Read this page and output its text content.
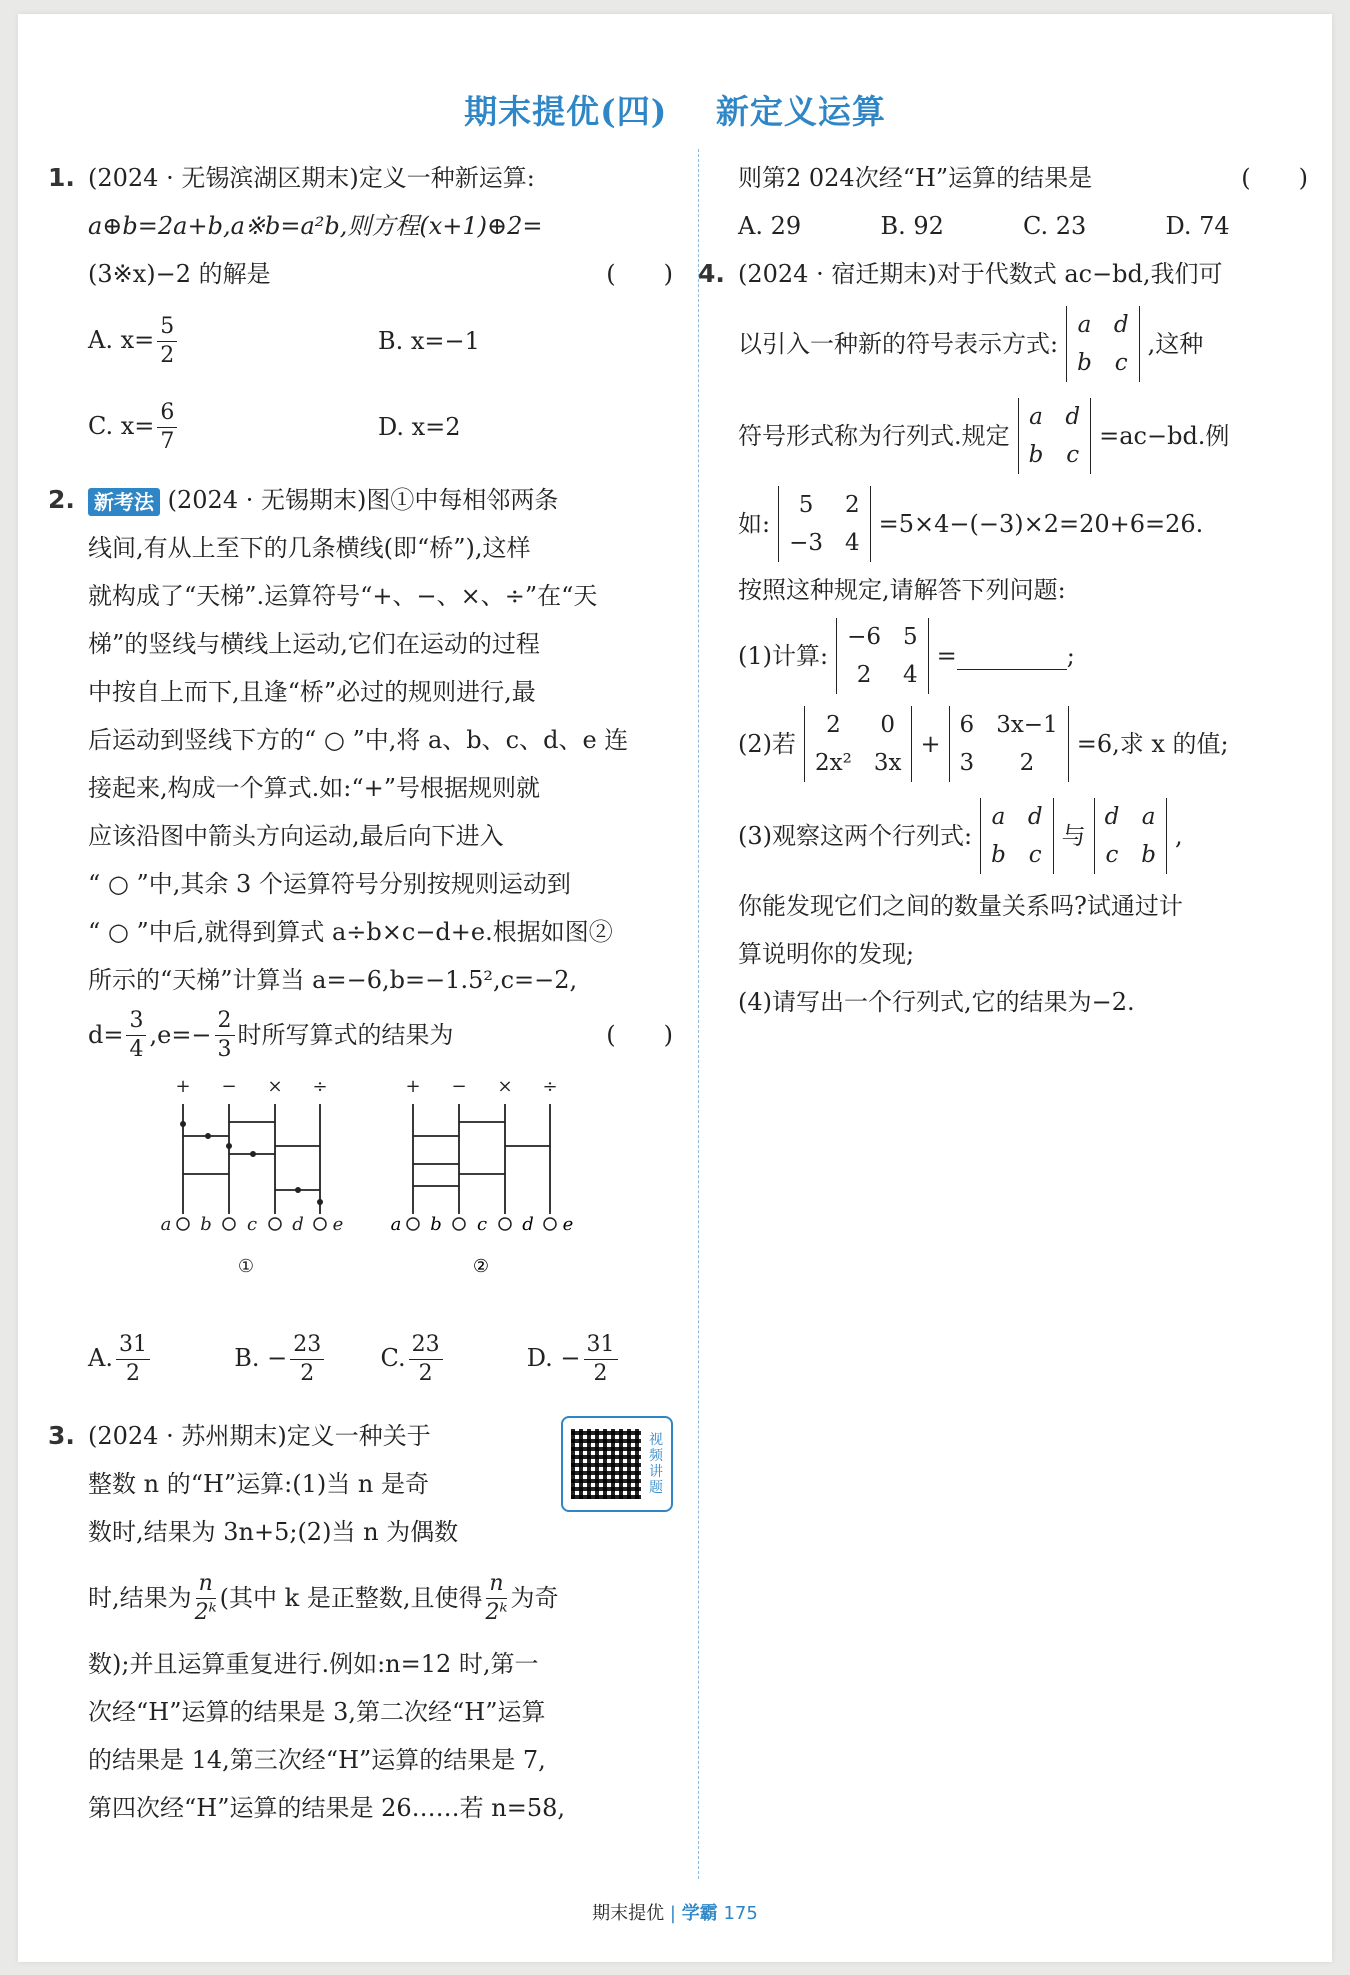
期末提优(四) 新定义运算
1. (2024 · 无锡滨湖区期末)定义一种新运算:
a⊕b=2a+b,a※b=a²b,则方程(x+1)⊕2=
(3※x)−2 的解是	(　　)
A. $x= \frac{5}{2}$	B. x=−1
C. $x= \frac{6}{7}$	D. x=2
2. 新考法 (2024 · 无锡期末)图①中每相邻两条
线间,有从上至下的几条横线(即“桥”),这样
就构成了“天梯”.运算符号“+、−、×、÷”在“天
梯”的竖线与横线上运动,它们在运动的过程
中按自上而下,且逢“桥”必过的规则进行,最
后运动到竖线下方的“ ○ ”中,将 a、b、c、d、e 连
接起来,构成一个算式.如:“+”号根据规则就
应该沿图中箭头方向运动,最后向下进入
“ ○ ”中,其余 3 个运算符号分别按规则运动到
“ ○ ”中后,就得到算式 a÷b×c−d+e.根据如图②
所示的“天梯”计算当 a=−6,b=−1.5²,c=−2,
$d= \frac{3}{4} ,e=- \frac{2}{3}$ 时所写算式的结果为	(　　)
+ − × ÷
a b c d e
①
+ − × ÷
a b c d e
②
则第2 024次经“H”运算的结果是	(　　)
A. 29	B. 92	C. 23	D. 74
4. (2024 · 宿迁期末)对于代数式 ac−bd,我们可
以引入一种新的符号表示方式:
a d
b c
,这种
符号形式称为行列式.规定
a d
b c
=ac−bd.例
如:
5	2
−3 4
=5×4−(−3)×2=20+6=26.
按照这种规定,请解答下列问题:
(1)计算:
−6 5
2	4
=	;
(2)若
2	0
2x² 3x
+
6 3x−1
3	2
=6,求 x 的值;
(3)观察这两个行列式:
a d
b c
与
d a
c b
,
你能发现它们之间的数量关系吗?试通过计
算说明你的发现;
(4)请写出一个行列式,它的结果为−2.
3. (2024 · 苏州期末)定义一种关于
整数 n 的“H”运算:(1)当 n 是奇
数时,结果为 3n+5;(2)当 n 为偶数
视频讲题
时,结果为 $\frac{n}{\text{2ᵏ}}$ (其中 k 是正整数,且使得 $\frac{n}{\text{2ᵏ}}$ 为奇
数);并且运算重复进行.例如:n=12 时,第一
次经“H”运算的结果是 3,第二次经“H”运算
的结果是 14,第三次经“H”运算的结果是 7,
第四次经“H”运算的结果是 26……若 n=58,
A. $\frac{31}{2}$	B. − $\frac{23}{2} C$. $\frac{23}{2}$	D. − $\frac{31}{2}$
期末提优 | 学霸 175
